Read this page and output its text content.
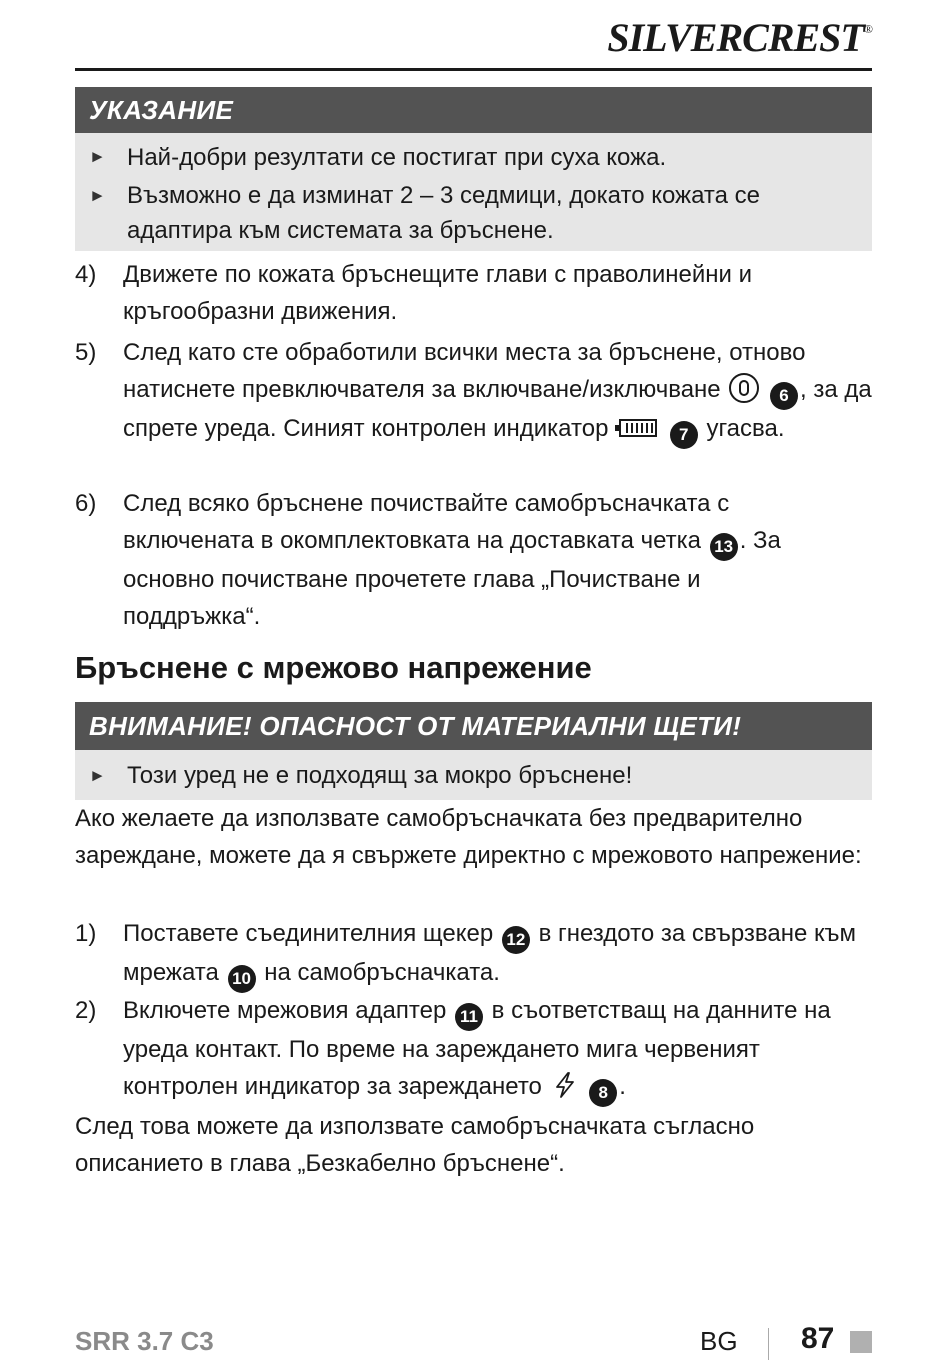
SILVERCREST®
УКАЗАНИЕ
► Най-добри резултати се постигат при суха кожа.
► Възможно е да изминат 2 – 3 седмици, докато кожата се адаптира към системата за бръснене.
4) Движете по кожата бръснещите глави с праволинейни и кръгообразни движения.
5) След като сте обработили всички места за бръснене, отново натиснете превключвателя за включване/изключване	6 , за да спрете уреда. Синият контролен индикатор	7 угасва.
6) След всяко бръснене почиствайте самобръсначката с включената в окомплектовката на доставката четка 13 . За основно почистване прочетете глава „Почистване и поддръжка“.
Бръснене с мрежово напрежение
ВНИМАНИЕ! ОПАСНОСТ ОТ МАТЕРИАЛНИ ЩЕТИ!
► Този уред не е подходящ за мокро бръснене!
Ако желаете да използвате самобръсначката без предварително зареждане, можете да я свържете директно с мрежовото напрежение:
1) Поставете съединителния щекер 12 в гнездото за свързване към мрежата 10 на самобръсначката.
2) Включете мрежовия адаптер 11 в съответстващ на данните на уреда контакт. По време на зареждането мига червеният контролен индикатор за зареждането	8 .
След това можете да използвате самобръсначката съгласно описанието в глава „Безкабелно бръснене“.
SRR 3.7 C3	BG 87
